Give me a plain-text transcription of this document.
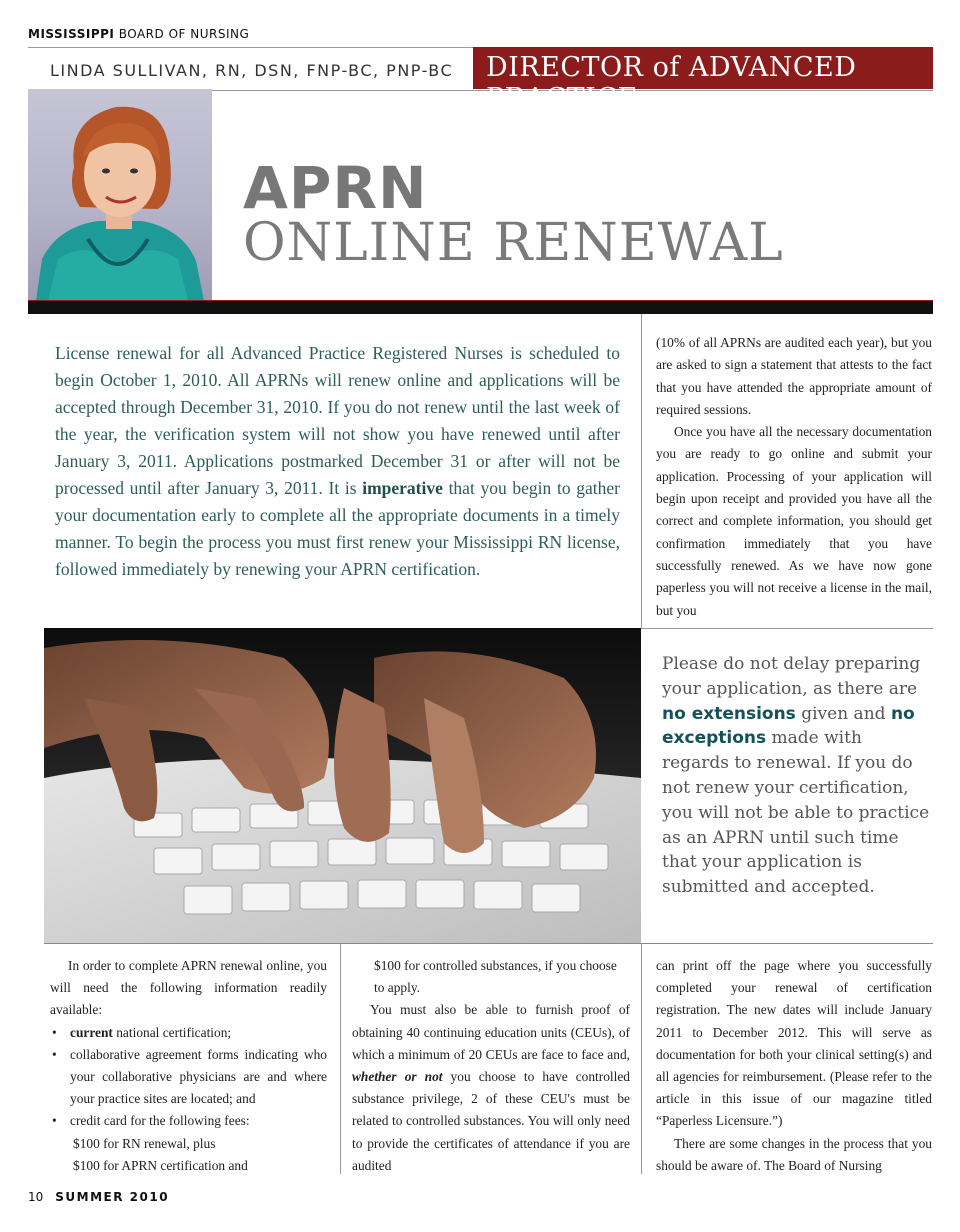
MISSISSIPPI BOARD OF NURSING
LINDA SULLIVAN, RN, DSN, FNP-BC, PNP-BC DIRECTOR of ADVANCED PRACTICE
APRN
ONLINE RENEWAL
License renewal for all Advanced Practice Registered Nurses is scheduled to begin October 1, 2010. All APRNs will renew online and applications will be accepted through December 31, 2010. If you do not renew until the last week of the year, the verification system will not show you have renewed until after January 3, 2011. Applications postmarked December 31 or after will not be processed until after January 3, 2011. It is imperative that you begin to gather your documentation early to complete all the appropriate documents in a timely manner. To begin the process you must first renew your Mississippi RN license, followed immediately by renewing your APRN certification.

(10% of all APRNs are audited each year), but you are asked to sign a statement that attests to the fact that you have attended the appropriate amount of required sessions.

Once you have all the necessary documentation you are ready to go online and submit your application. Processing of your application will begin upon receipt and provided you have all the correct and complete information, you should get confirmation immediately that you have successfully renewed. As we have now gone paperless you will not receive a license in the mail, but you

Please do not delay preparing your application, as there are no extensions given and no exceptions made with regards to renewal. If you do not renew your certification, you will not be able to practice as an APRN until such time that your application is submitted and accepted.

In order to complete APRN renewal online, you will need the following information readily available:

• current national certification;
• collaborative agreement forms indicating who your collaborative physicians are and where your practice sites are located; and
• credit card for the following fees:
$100 for RN renewal, plus
$100 for APRN certification and
$100 for controlled substances, if you choose to apply.

You must also be able to furnish proof of obtaining 40 continuing education units (CEUs), of which a minimum of 20 CEUs are face to face and, whether or not you choose to have controlled substance privilege, 2 of these CEU's must be related to controlled substances. You will only need to provide the certificates of attendance if you are audited

can print off the page where you successfully completed your renewal of certification registration. The new dates will include January 2011 to December 2012. This will serve as documentation for both your clinical setting(s) and all agencies for reimbursement. (Please refer to the article in this issue of our magazine titled “Paperless Licensure.”)

There are some changes in the process that you should be aware of. The Board of Nursing

10 SUMMER 2010
